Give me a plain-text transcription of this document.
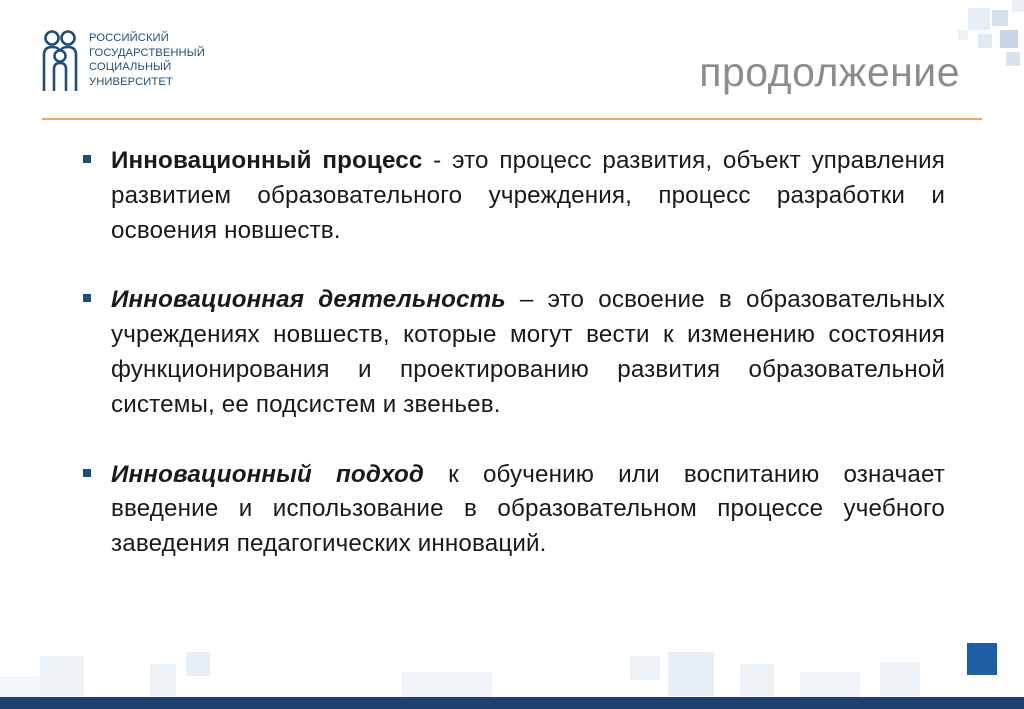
РОССИЙСКИЙ
ГОСУДАРСТВЕННЫЙ
СОЦИАЛЬНЫЙ
УНИВЕРСИТЕТ	продолжение

Инновационный процесс - это процесс развития, объект управления развитием образовательного учреждения, процесс разработки и освоения новшеств.

Инновационная деятельность – это освоение в образовательных учреждениях новшеств, которые могут вести к изменению состояния функционирования и проектированию развития образовательной системы, ее подсистем и звеньев.

Инновационный подход к обучению или воспитанию означает введение и использование в образовательном процессе учебного заведения педагогических инноваций.
